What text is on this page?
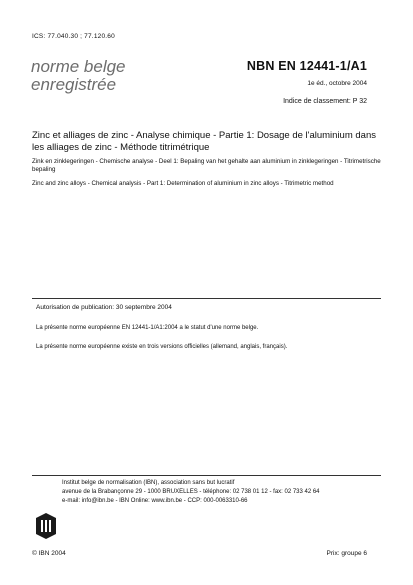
ICS: 77.040.30 ; 77.120.60
norme belge
enregistrée
NBN EN 12441-1/A1
1e éd., octobre 2004
Indice de classement: P 32
Zinc et alliages de zinc - Analyse chimique - Partie 1: Dosage de l'aluminium dans les alliages de zinc - Méthode titrimétrique
Zink en zinklegeringen - Chemische analyse - Deel 1: Bepaling van het gehalte aan aluminium in zinklegeringen - Titrimetrische bepaling
Zinc and zinc alloys - Chemical analysis - Part 1: Determination of aluminium in zinc alloys - Titrimetric method
Autorisation de publication: 30 septembre 2004
La présente norme européenne EN 12441-1/A1:2004 a le statut d'une norme belge.
La présente norme européenne existe en trois versions officielles (allemand, anglais, français).
Institut belge de normalisation (IBN), association sans but lucratif
avenue de la Brabançonne 29 - 1000 BRUXELLES - téléphone: 02 738 01 12 - fax: 02 733 42 64
e-mail: info@ibn.be - IBN Online: www.ibn.be - CCP: 000-0063310-66
© IBN 2004	Prix: groupe 6
